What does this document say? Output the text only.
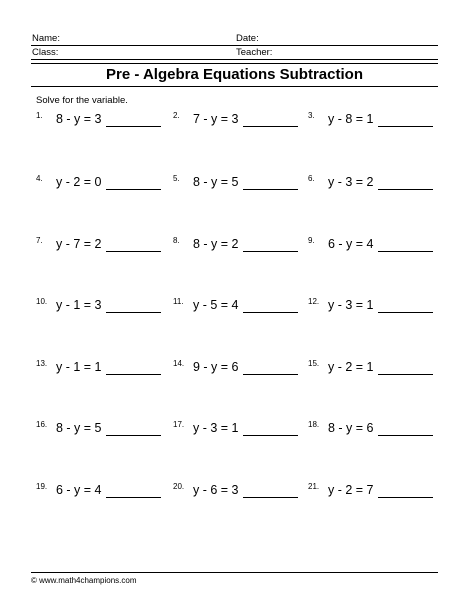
Name:	Date:
Class:	Teacher:
Pre - Algebra Equations Subtraction
Solve for the variable.
1. 8 - y = 3	2. 7 - y = 3	3. y - 8 = 1
4. y - 2 = 0	5. 8 - y = 5	6. y - 3 = 2
7. y - 7 = 2	8. 8 - y = 2	9. 6 - y = 4
10. y - 1 = 3	11. y - 5 = 4	12. y - 3 = 1
13. y - 1 = 1	14. 9 - y = 6	15. y - 2 = 1
16. 8 - y = 5	17. y - 3 = 1	18. 8 - y = 6
19. 6 - y = 4	20. y - 6 = 3	21. y - 2 = 7
© www.math4champions.com
